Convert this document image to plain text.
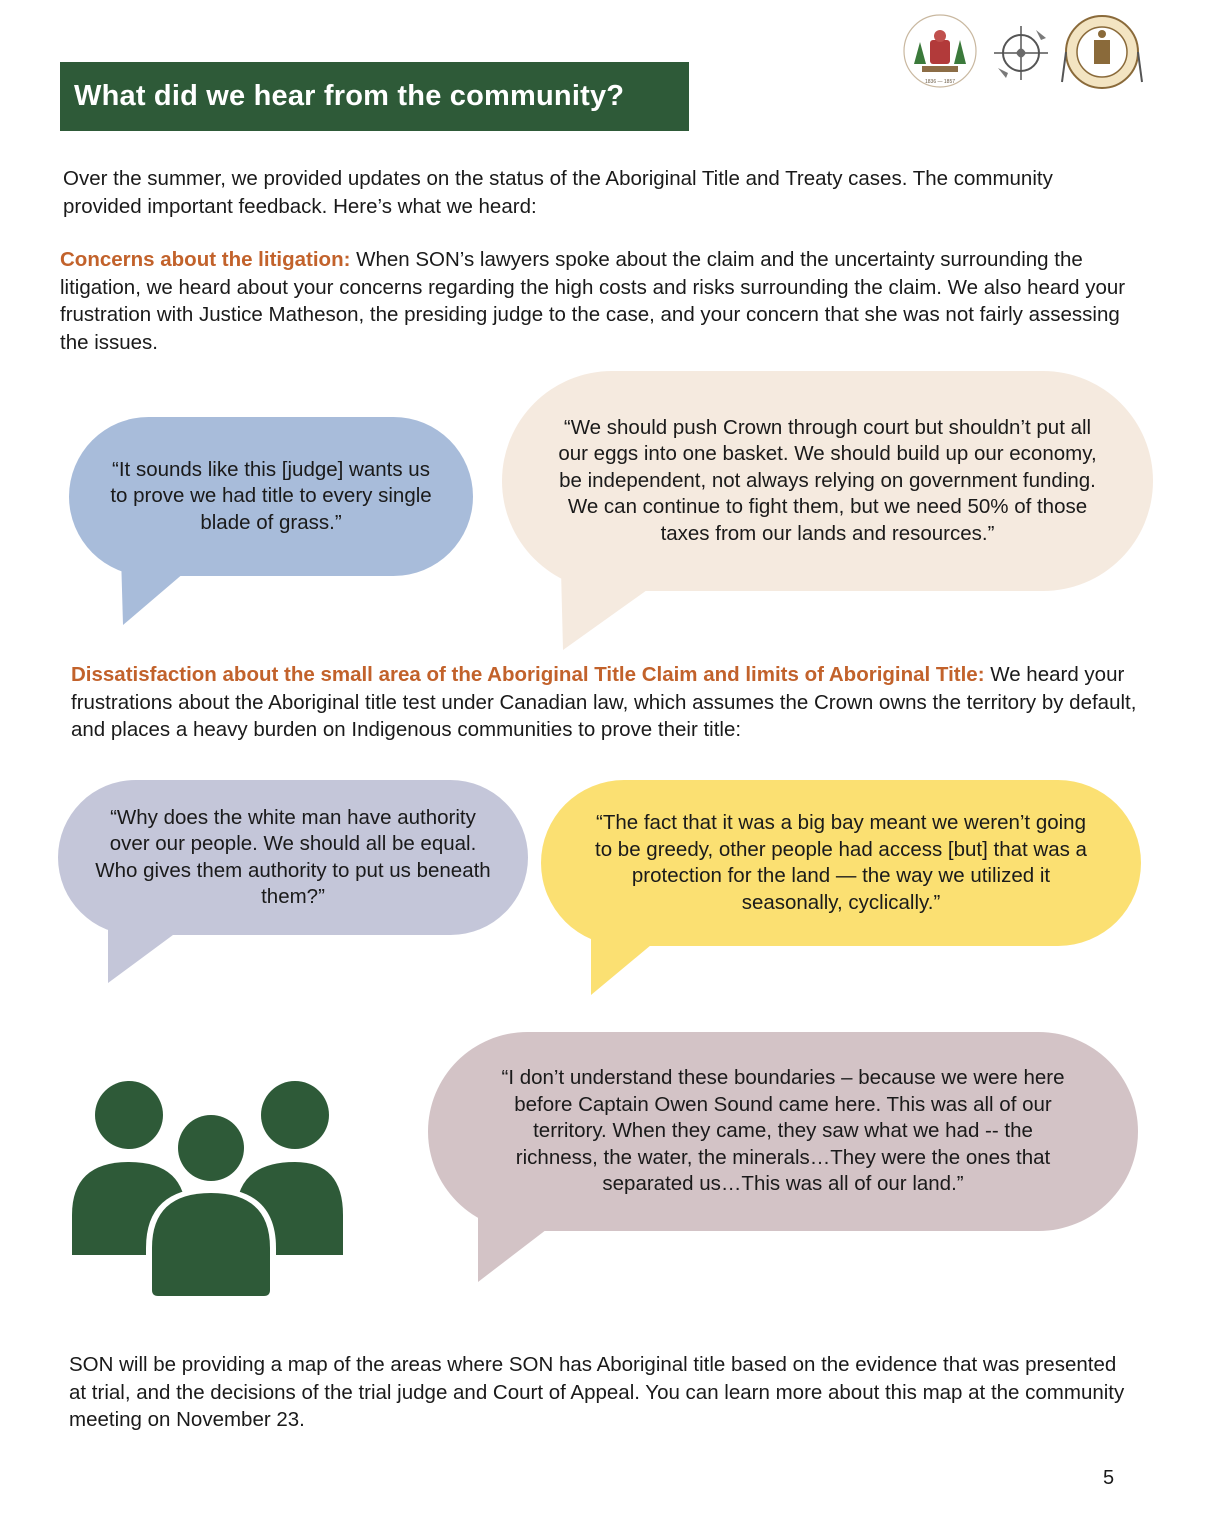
1836 — 1857
What did we hear from the community?
Over the summer, we provided updates on the status of the Aboriginal Title and Treaty cases. The community provided important feedback. Here’s what we heard:
Concerns about the litigation: When SON’s lawyers spoke about the claim and the uncertainty surrounding the litigation, we heard about your concerns regarding the high costs and risks surrounding the claim. We also heard your frustration with Justice Matheson, the presiding judge to the case, and your concern that she was not fairly assessing the issues.
“It sounds like this [judge] wants us to prove we had title to every single blade of grass.”
“We should push Crown through court but shouldn’t put all our eggs into one basket. We should build up our economy, be independent, not always relying on government funding. We can continue to fight them, but we need 50% of those taxes from our lands and resources.”
Dissatisfaction about the small area of the Aboriginal Title Claim and limits of Aboriginal Title: We heard your frustrations about the Aboriginal title test under Canadian law, which assumes the Crown owns the territory by default, and places a heavy burden on Indigenous communities to prove their title:
“Why does the white man have authority over our people. We should all be equal. Who gives them authority to put us beneath them?”
“The fact that it was a big bay meant we weren’t going to be greedy, other people had access [but] that was a protection for the land — the way we utilized it seasonally, cyclically.”
“I don’t understand these boundaries – because we were here before Captain Owen Sound came here. This was all of our territory. When they came, they saw what we had -- the richness, the water, the minerals…They were the ones that separated us…This was all of our land.”
SON will be providing a map of the areas where SON has Aboriginal title based on the evidence that was presented at trial, and the decisions of the trial judge and Court of Appeal. You can learn more about this map at the community meeting on November 23.
5
